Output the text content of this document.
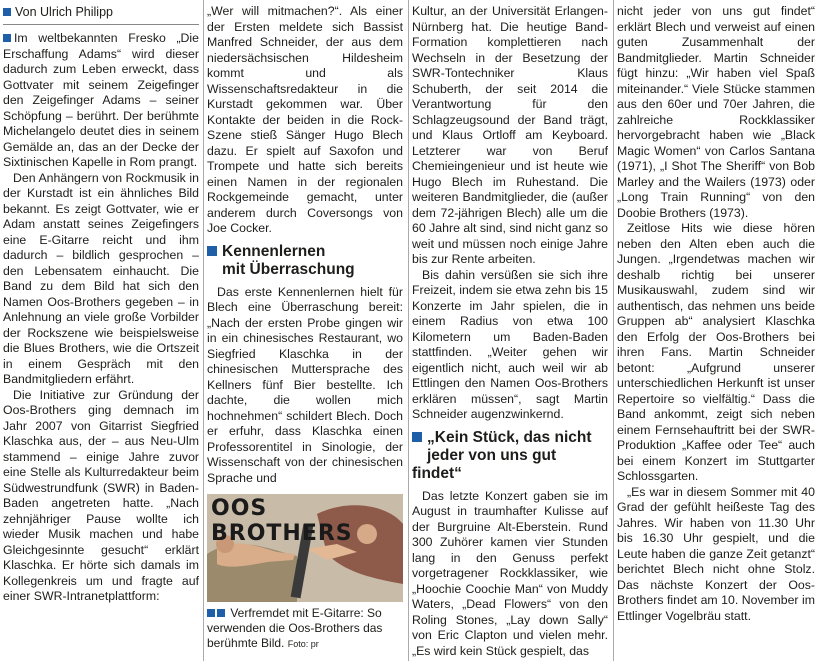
Von Ulrich Philipp

Im weltbekannten Fresko „Die Erschaffung Adams“ wird dieser dadurch zum Leben erweckt, dass Gottvater mit seinem Zeigefinger den Zeigefinger Adams – seiner Schöpfung – berührt. Der berühmte Michelangelo deutet dies in seinem Gemälde an, das an der Decke der Sixtinischen Kapelle in Rom prangt.

Den Anhängern von Rockmusik in der Kurstadt ist ein ähnliches Bild bekannt. Es zeigt Gottvater, wie er Adam anstatt seines Zeigefingers eine E-Gitarre reicht und ihm dadurch – bildlich gesprochen – den Lebensatem einhaucht. Die Band zu dem Bild hat sich den Namen Oos-Brothers gegeben – in Anlehnung an viele große Vorbilder der Rockszene wie beispielsweise die Blues Brothers, wie die Ortszeit in einem Gespräch mit den Bandmitgliedern erfährt.

Die Initiative zur Gründung der Oos-Brothers ging demnach im Jahr 2007 von Gitarrist Siegfried Klaschka aus, der – aus Neu-Ulm stammend – einige Jahre zuvor eine Stelle als Kulturredakteur beim Südwestrundfunk (SWR) in Baden-Baden angetreten hatte. „Nach zehnjähriger Pause wollte ich wieder Musik machen und habe Gleichgesinnte gesucht“ erklärt Klaschka. Er hörte sich damals im Kollegenkreis um und fragte auf einer SWR-Intranetplattform:

„Wer will mitmachen?“. Als einer der Ersten meldete sich Bassist Manfred Schneider, der aus dem niedersächsischen Hildesheim kommt und als Wissenschaftsredakteur in die Kurstadt gekommen war. Über Kontakte der beiden in die Rock-Szene stieß Sänger Hugo Blech dazu. Er spielt auf Saxofon und Trompete und hatte sich bereits einen Namen in der regionalen Rockgemeinde gemacht, unter anderem durch Coversongs von Joe Cocker.

Kennenlernen
mit Überraschung

Das erste Kennenlernen hielt für Blech eine Überraschung bereit: „Nach der ersten Probe gingen wir in ein chinesisches Restaurant, wo Siegfried Klaschka in der chinesischen Muttersprache des Kellners fünf Bier bestellte. Ich dachte, die wollen mich hochnehmen“ schildert Blech. Doch er erfuhr, dass Klaschka einen Professorentitel in Sinologie, der Wissenschaft von der chinesischen Sprache und

OOS BROTHERS
Verfremdet mit E-Gitarre: So verwenden die Oos-Brothers das berühmte Bild. Foto: pr

Kultur, an der Universität Erlangen-Nürnberg hat. Die heutige Band-Formation komplettieren nach Wechseln in der Besetzung der SWR-Tontechniker Klaus Schuberth, der seit 2014 die Verantwortung für den Schlagzeugsound der Band trägt, und Klaus Ortloff am Keyboard. Letzterer war von Beruf Chemieingenieur und ist heute wie Hugo Blech im Ruhestand. Die weiteren Bandmitglieder, die (außer dem 72-jährigen Blech) alle um die 60 Jahre alt sind, sind nicht ganz so weit und müssen noch einige Jahre bis zur Rente arbeiten.

Bis dahin versüßen sie sich ihre Freizeit, indem sie etwa zehn bis 15 Konzerte im Jahr spielen, die in einem Radius von etwa 100 Kilometern um Baden-Baden stattfinden. „Weiter gehen wir eigentlich nicht, auch weil wir ab Ettlingen den Namen Oos-Brothers erklären müssen“, sagt Martin Schneider augenzwinkernd.

„Kein Stück, das nicht
jeder von uns gut findet“

Das letzte Konzert gaben sie im August in traumhafter Kulisse auf der Burgruine Alt-Eberstein. Rund 300 Zuhörer kamen vier Stunden lang in den Genuss perfekt vorgetragener Rockklassiker, wie „Hoochie Coochie Man“ von Muddy Waters, „Dead Flowers“ von den Roling Stones, „Lay down Sally“ von Eric Clapton und vielen mehr. „Es wird kein Stück gespielt, das

nicht jeder von uns gut findet“ erklärt Blech und verweist auf einen guten Zusammenhalt der Bandmitglieder. Martin Schneider fügt hinzu: „Wir haben viel Spaß miteinander.“ Viele Stücke stammen aus den 60er und 70er Jahren, die zahlreiche Rockklassiker hervorgebracht haben wie „Black Magic Women“ von Carlos Santana (1971), „I Shot The Sheriff“ von Bob Marley and the Wailers (1973) oder „Long Train Running“ von den Doobie Brothers (1973).

Zeitlose Hits wie diese hören neben den Alten eben auch die Jungen. „Irgendetwas machen wir deshalb richtig bei unserer Musikauswahl, zudem sind wir authentisch, das nehmen uns beide Gruppen ab“ analysiert Klaschka den Erfolg der Oos-Brothers bei ihren Fans. Martin Schneider betont: „Aufgrund unserer unterschiedlichen Herkunft ist unser Repertoire so vielfältig.“ Dass die Band ankommt, zeigt sich neben einem Fernsehauftritt bei der SWR-Produktion „Kaffee oder Tee“ auch bei einem Konzert im Stuttgarter Schlossgarten.

„Es war in diesem Sommer mit 40 Grad der gefühlt heißeste Tag des Jahres. Wir haben von 11.30 Uhr bis 16.30 Uhr gespielt, und die Leute haben die ganze Zeit getanzt“ berichtet Blech nicht ohne Stolz. Das nächste Konzert der Oos-Brothers findet am 10. November im Ettlinger Vogelbräu statt.
